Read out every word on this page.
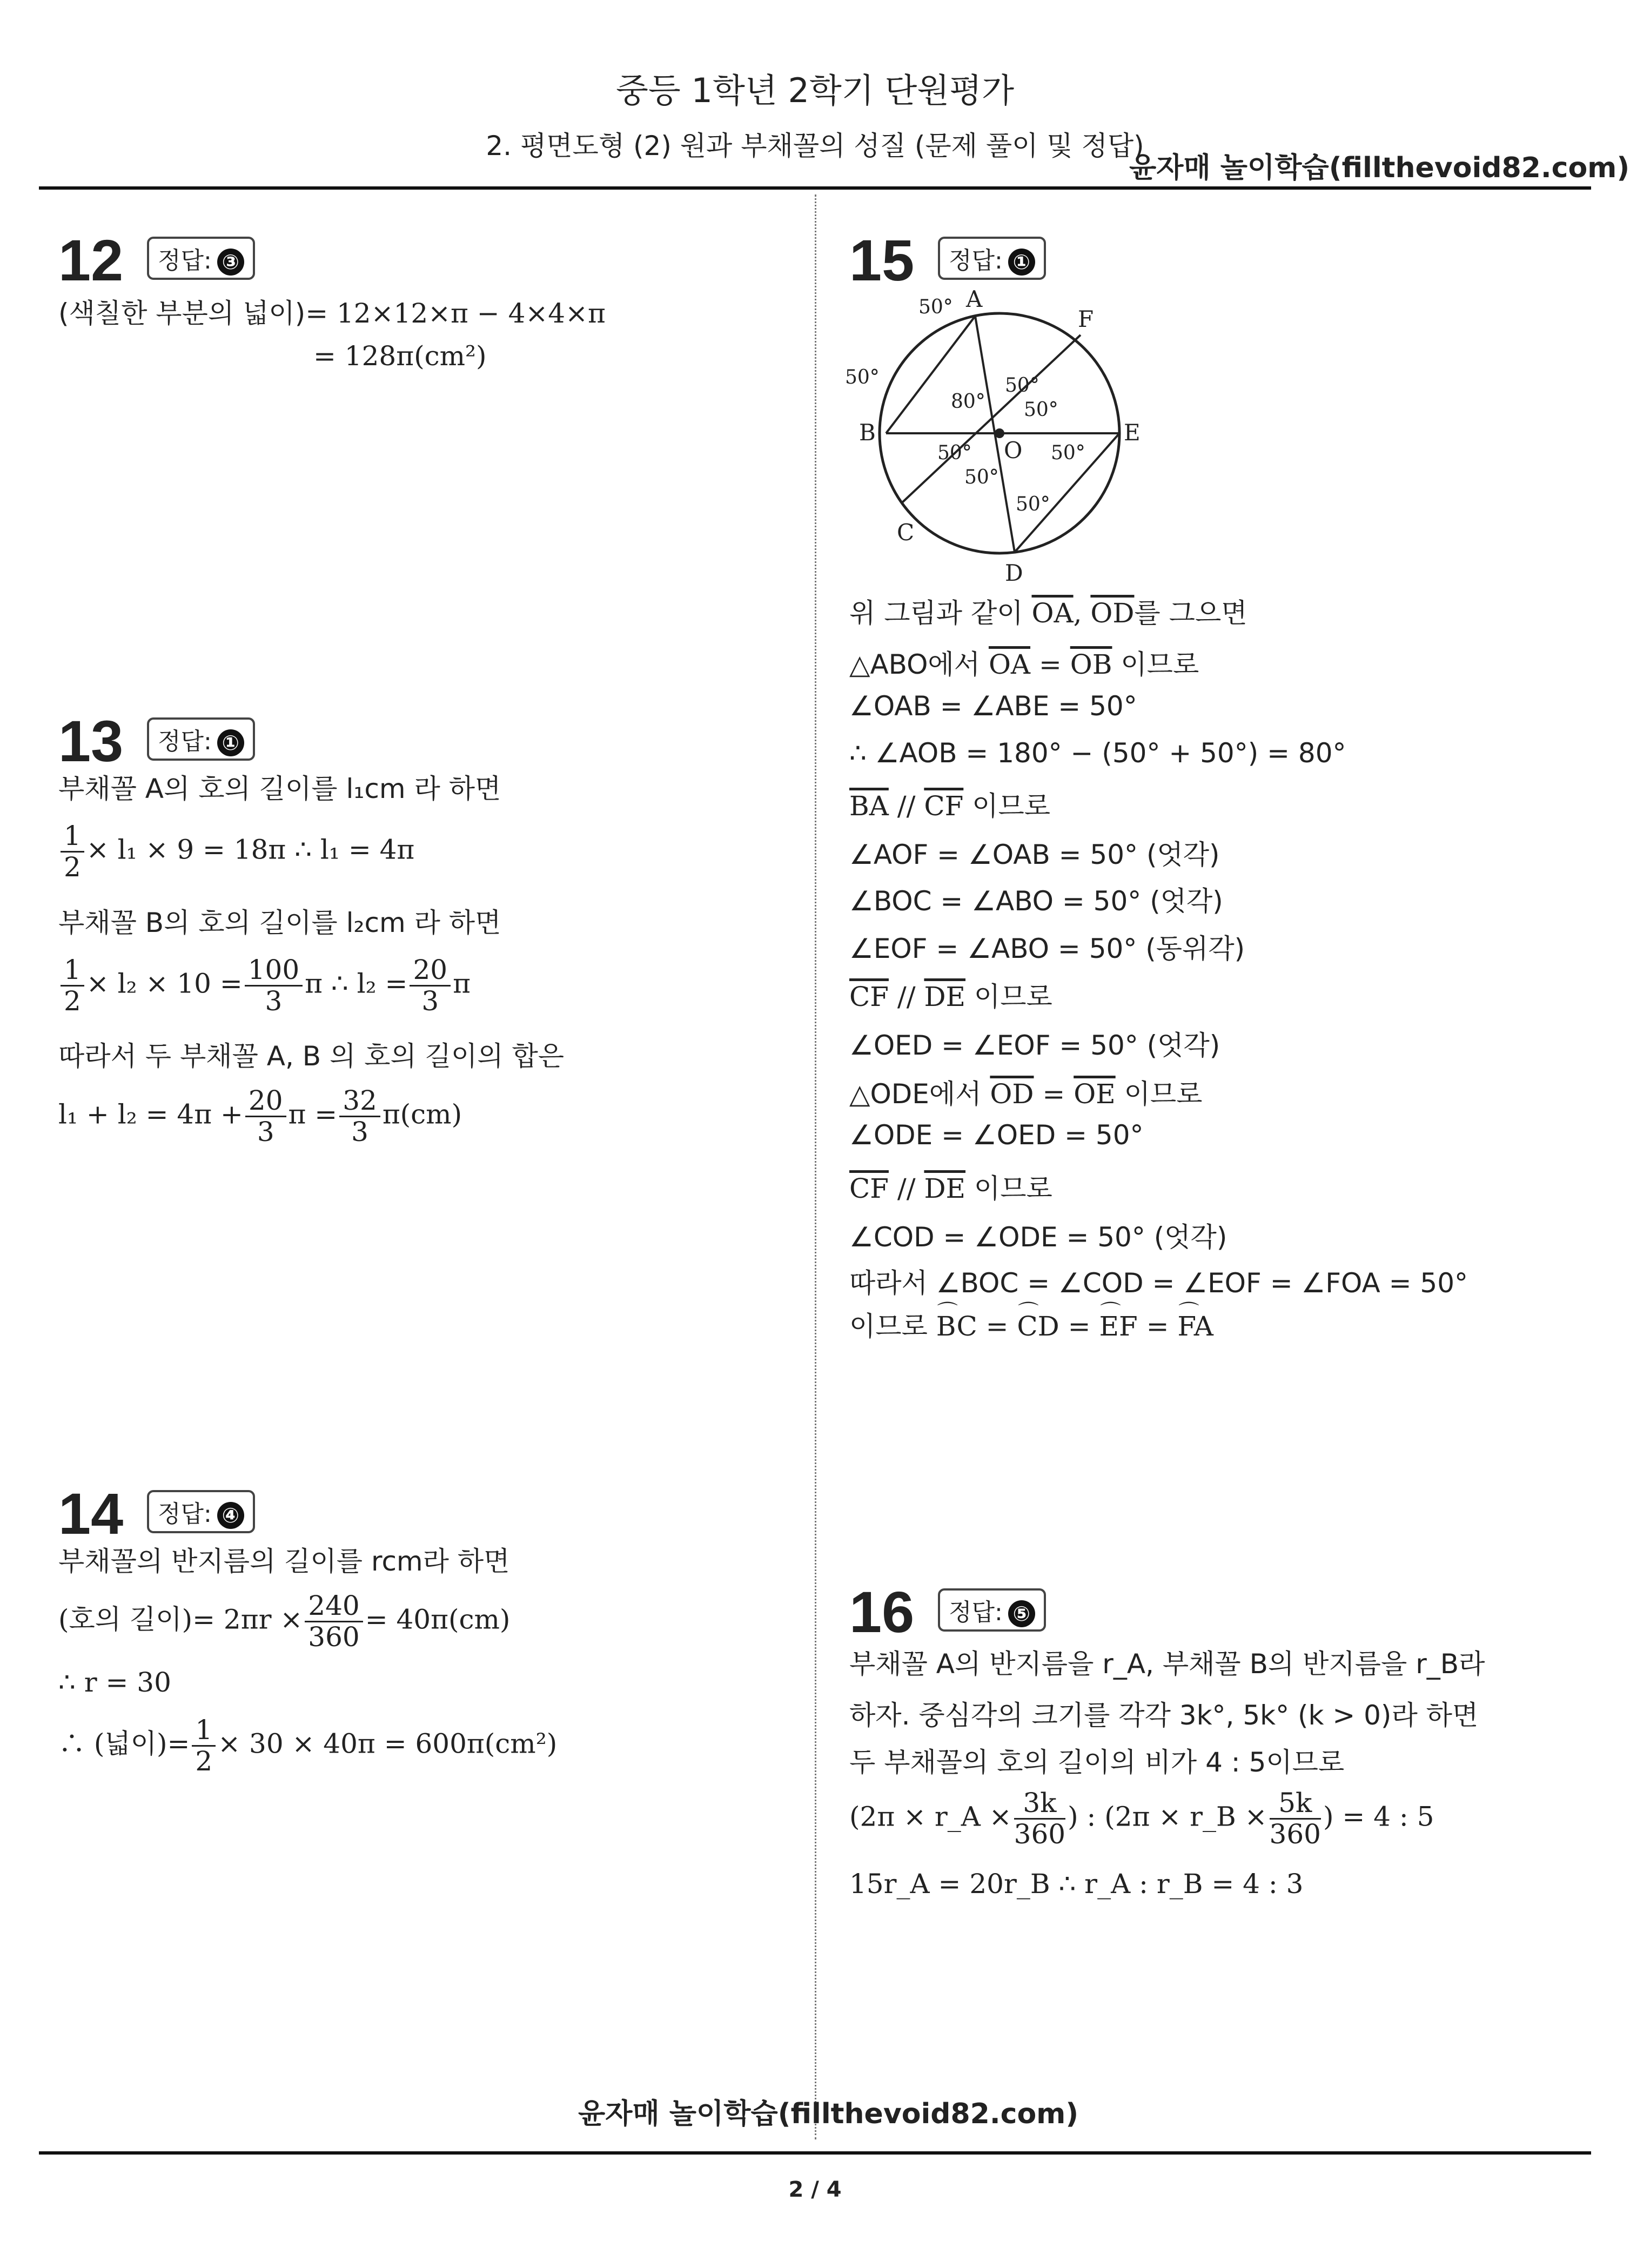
중등 1학년 2학기 단원평가
2. 평면도형 (2) 원과 부채꼴의 성질 (문제 풀이 및 정답)
윤자매 놀이학습(fillthevoid82.com)
12	정답: ③
(색칠한 부분의 넓이)= 12×12×π − 4×4×π
= 128π(cm²)
13	정답: ①
부채꼴 A의 호의 길이를 l₁cm 라 하면
$\frac{1}{2} \times l_1 \times 9 = 18\pi$ ∴ l₁ = 4π
부채꼴 B의 호의 길이를 l₂cm 라 하면
$\frac{1}{2} \times l_2 \times 10 = \frac{100}{3}$ π ∴ $l_2 = \frac{20}{3}$ π
따라서 두 부채꼴 A, B 의 호의 길이의 합은
$l_1 + l_2 = 4\pi + \frac{20}{3}$ $\pi = \frac{32}{3} \pi(cm)$
14	정답: ④
부채꼴의 반지름의 길이를 rcm라 하면
(호의 길이)= $2\pi r \times \frac{240}{360} = 40\pi(cm)$
∴ r = 30
∴ (넓이)= $\frac{1}{2} \times 30 \times 40\pi = 600\pi(cm^2)$
15	정답: ①
A
B
C
D
E
F
O
50°
50°
80°
50°
50°
50°	50°
50°
50°
위 그림과 같이 $\overline{OA}$, $\overline{OD}$를 그으면
△ABO에서 $\overline{OA} = \overline{OB}$ 이므로
∠OAB = ∠ABE = 50°
∴ ∠AOB = 180° − (50° + 50°) = 80°
$\overline{BA} // \overline{CF}$ 이므로
∠AOF = ∠OAB = 50° (엇각)
∠BOC = ∠ABO = 50° (엇각)
∠EOF = ∠ABO = 50° (동위각)
$\overline{CF} // \overline{DE}$ 이므로
∠OED = ∠EOF = 50° (엇각)
△ODE에서 $\overline{OD} = \overline{OE}$ 이므로
∠ODE = ∠OED = 50°
$\overline{CF} // \overline{DE}$ 이므로
∠COD = ∠ODE = 50° (엇각)
따라서 ∠BOC = ∠COD = ∠EOF = ∠FOA = 50°
이므로 ⌒ BC = ⌒ CD = ⌒ EF = ⌒ FA
16	정답: ⑤
부채꼴 A의 반지름을 r_A, 부채꼴 B의 반지름을 r_B라
하자. 중심각의 크기를 각각 3k°, 5k° (k > 0)라 하면
두 부채꼴의 호의 길이의 비가 4 : 5이므로
(2π × r_A × $\frac{3k}{360}$ ) : (2π × r_B × $\frac{5k}{360}$ ) = 4 : 5
15r_A = 20r_B ∴ r_A : r_B = 4 : 3
윤자매 놀이학습(fillthevoid82.com)
2 / 4
